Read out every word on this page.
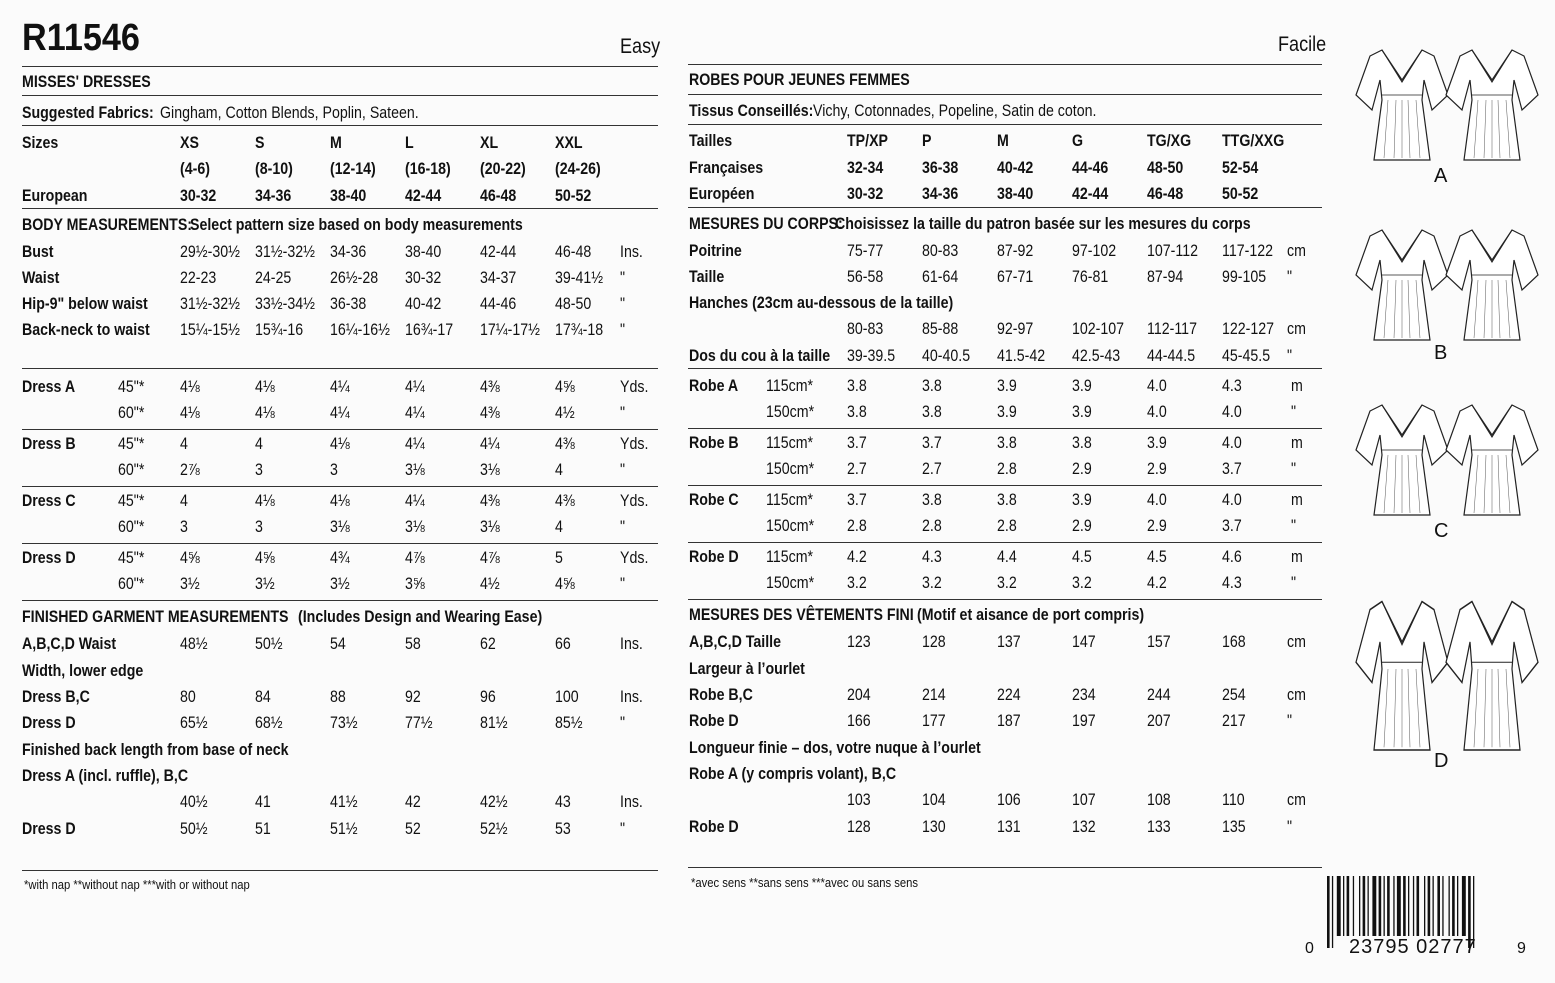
R11546	Easy
MISSES' DRESSES
Suggested Fabrics: Gingham, Cotton Blends, Poplin, Sateen.
Sizes	XS	S	M	L	XL	XXL
(4-6)	(8-10) (12-14) (16-18) (20-22) (24-26)
European	30-32 34-36 38-40 42-44 46-48 50-52
BODY MEASUREMENTS:
Select pattern size based on body measurements
Bust	29½-30½ 31½-32½ 34-36 38-40 42-44 46-48 Ins.
Waist	22-23 24-25 26½-28 30-32 34-37 39-41½ "
Hip-9" below waist 31½-32½ 33½-34½ 36-38 40-42 44-46 48-50 "
Back-neck to waist 15¼-15½ 15¾-16 16¼-16½ 16¾-17 17¼-17½ 17¾-18 "
Dress A	45"* 4⅛	4⅛	4¼	4¼	4⅜	4⅝	Yds.
60"* 4⅛	4⅛	4¼	4¼	4⅜	4½	"
Dress B	45"* 4	4	4⅛	4¼	4¼	4⅜	Yds.
60"* 2⅞	3	3	3⅛	3⅛	4	"
Dress C	45"* 4	4⅛	4⅛	4¼	4⅜	4⅜	Yds.
60"* 3	3	3⅛	3⅛	3⅛	4	"
Dress D	45"* 4⅝	4⅝	4¾	4⅞	4⅞	5	Yds.
60"* 3½	3½	3½	3⅝	4½	4⅝	"
FINISHED GARMENT MEASUREMENTS (Includes Design and Wearing Ease)
A,B,C,D Waist	48½	50½	54	58	62	66	Ins.
Width, lower edge
Dress B,C	80	84	88	92	96	100	Ins.
Dress D	65½	68½	73½	77½	81½	85½ "
Finished back length from base of neck
Dress A (incl. ruffle), B,C
40½	41	41½	42	42½	43	Ins.
Dress D	50½	51	51½	52	52½	53	"
*with nap **without nap ***with or without nap
Facile
ROBES POUR JEUNES FEMMES
Tissus Conseillés: Vichy, Cotonnades, Popeline, Satin de coton.
Tailles	TP/XP P	M	G	TG/XG TTG/XXG
Françaises	32-34 36-38 40-42 44-46 48-50 52-54
Européen	30-32 34-36 38-40 42-44 46-48 50-52
MESURES DU CORPS:
Choisissez la taille du patron basée sur les mesures du corps
Poitrine	75-77 80-83 87-92 97-102 107-112 117-122 cm
Taille	56-58 61-64 67-71 76-81 87-94 99-105 "
Hanches (23cm au-dessous de la taille)
80-83 85-88 92-97 102-107 112-117 122-127 cm
Dos du cou à la taille 39-39.5 40-40.5 41.5-42 42.5-43 44-44.5 45-45.5 "
Robe A 115cm* 3.8	3.8	3.9	3.9	4.0	4.3	m
150cm* 3.8	3.8	3.9	3.9	4.0	4.0	"
Robe B 115cm* 3.7	3.7	3.8	3.8	3.9	4.0	m
150cm* 2.7	2.7	2.8	2.9	2.9	3.7	"
Robe C 115cm* 3.7	3.8	3.8	3.9	4.0	4.0	m
150cm* 2.8	2.8	2.8	2.9	2.9	3.7	"
Robe D 115cm* 4.2	4.3	4.4	4.5	4.5	4.6	m
150cm* 3.2	3.2	3.2	3.2	4.2	4.3	"
MESURES DES VÊTEMENTS FINI (Motif et aisance de port compris)
A,B,C,D Taille	123	128	137	147	157	168	cm
Largeur à l’ourlet
Robe B,C	204	214	224	234	244	254	cm
Robe D	166	177	187	197	207	217	"
Longueur finie – dos, votre nuque à l’ourlet
Robe A (y compris volant), B,C
103	104	106	107	108	110	cm
Robe D	128	130	131	132	133	135	"
*avec sens **sans sens ***avec ou sans sens
A
B
C
D
0 23795 02777	9
